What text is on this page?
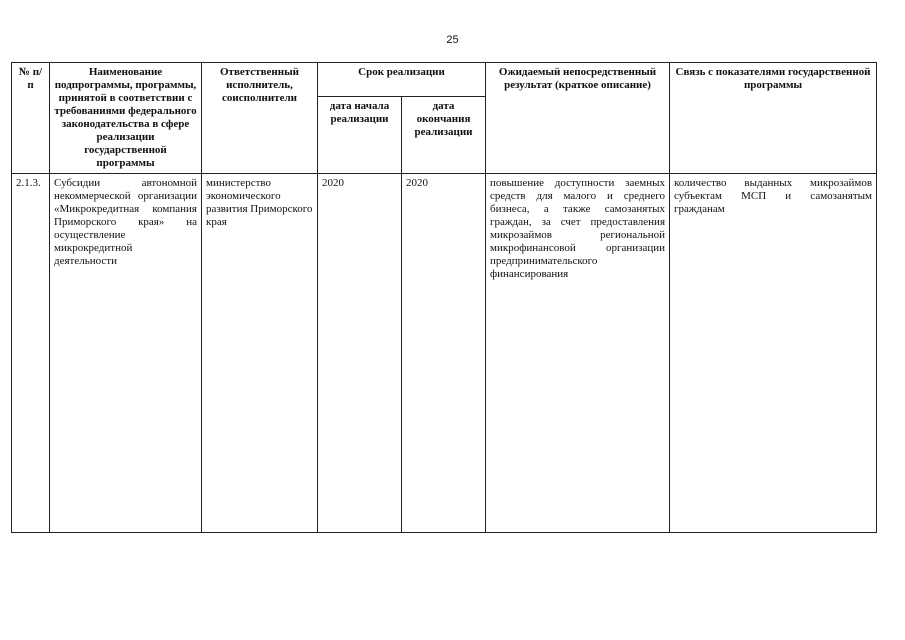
25
№ п/п	Наименование подпрограммы, программы, принятой в соответствии с требованиями федерального законодательства в сфере реализации государственной программы	Ответственный исполнитель, соисполнители	Срок реализации		Ожидаемый непосредственный результат (краткое описание)	Связь с показателями государственной программы
			дата начала реализации	дата окончания реализации		
2.1.3.	Субсидии автономной некоммерческой организации «Микрокредитная компания Приморского края» на осуществление микрокредитной деятельности	министерство экономического развития Приморского края	2020	2020	повышение доступности заемных средств для малого и среднего бизнеса, а также самозанятых граждан, за счет предоставления микрозаймов региональной микрофинансовой организации предпринимательского финансирования	количество выданных микрозаймов субъектам МСП и самозанятым гражданам
